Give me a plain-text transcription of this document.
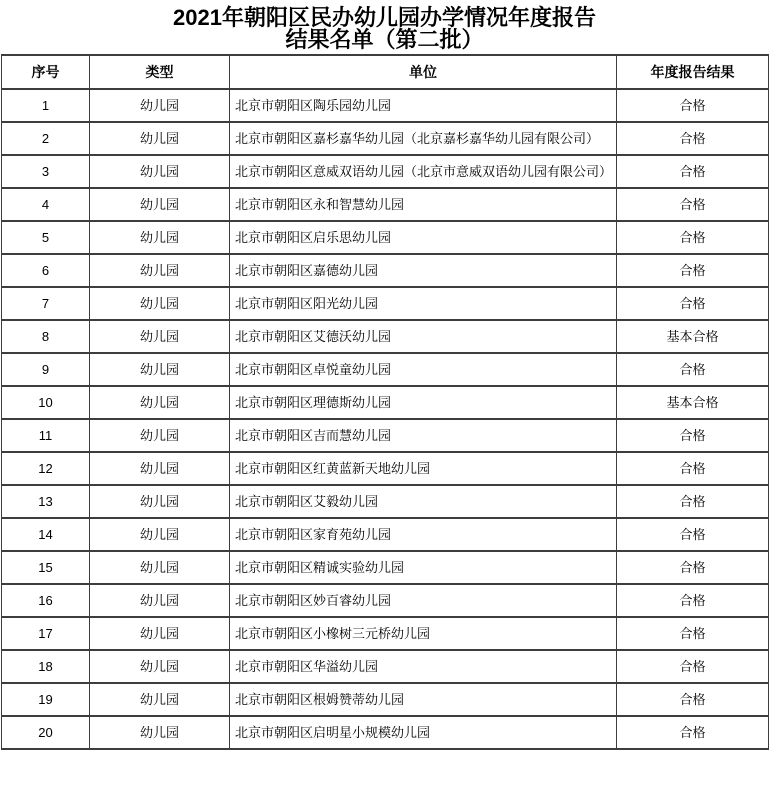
2021年朝阳区民办幼儿园办学情况年度报告
结果名单（第二批）
序号	类型	单位	年度报告结果
1	幼儿园	北京市朝阳区陶乐园幼儿园	合格
2	幼儿园	北京市朝阳区嘉杉嘉华幼儿园（北京嘉杉嘉华幼儿园有限公司）	合格
3	幼儿园	北京市朝阳区意威双语幼儿园（北京市意威双语幼儿园有限公司）	合格
4	幼儿园	北京市朝阳区永和智慧幼儿园	合格
5	幼儿园	北京市朝阳区启乐思幼儿园	合格
6	幼儿园	北京市朝阳区嘉德幼儿园	合格
7	幼儿园	北京市朝阳区阳光幼儿园	合格
8	幼儿园	北京市朝阳区艾德沃幼儿园	基本合格
9	幼儿园	北京市朝阳区卓悦童幼儿园	合格
10	幼儿园	北京市朝阳区理德斯幼儿园	基本合格
11	幼儿园	北京市朝阳区吉而慧幼儿园	合格
12	幼儿园	北京市朝阳区红黄蓝新天地幼儿园	合格
13	幼儿园	北京市朝阳区艾毅幼儿园	合格
14	幼儿园	北京市朝阳区家育苑幼儿园	合格
15	幼儿园	北京市朝阳区精诚实验幼儿园	合格
16	幼儿园	北京市朝阳区妙百睿幼儿园	合格
17	幼儿园	北京市朝阳区小橡树三元桥幼儿园	合格
18	幼儿园	北京市朝阳区华溢幼儿园	合格
19	幼儿园	北京市朝阳区根姆赞蒂幼儿园	合格
20	幼儿园	北京市朝阳区启明星小规模幼儿园	合格
